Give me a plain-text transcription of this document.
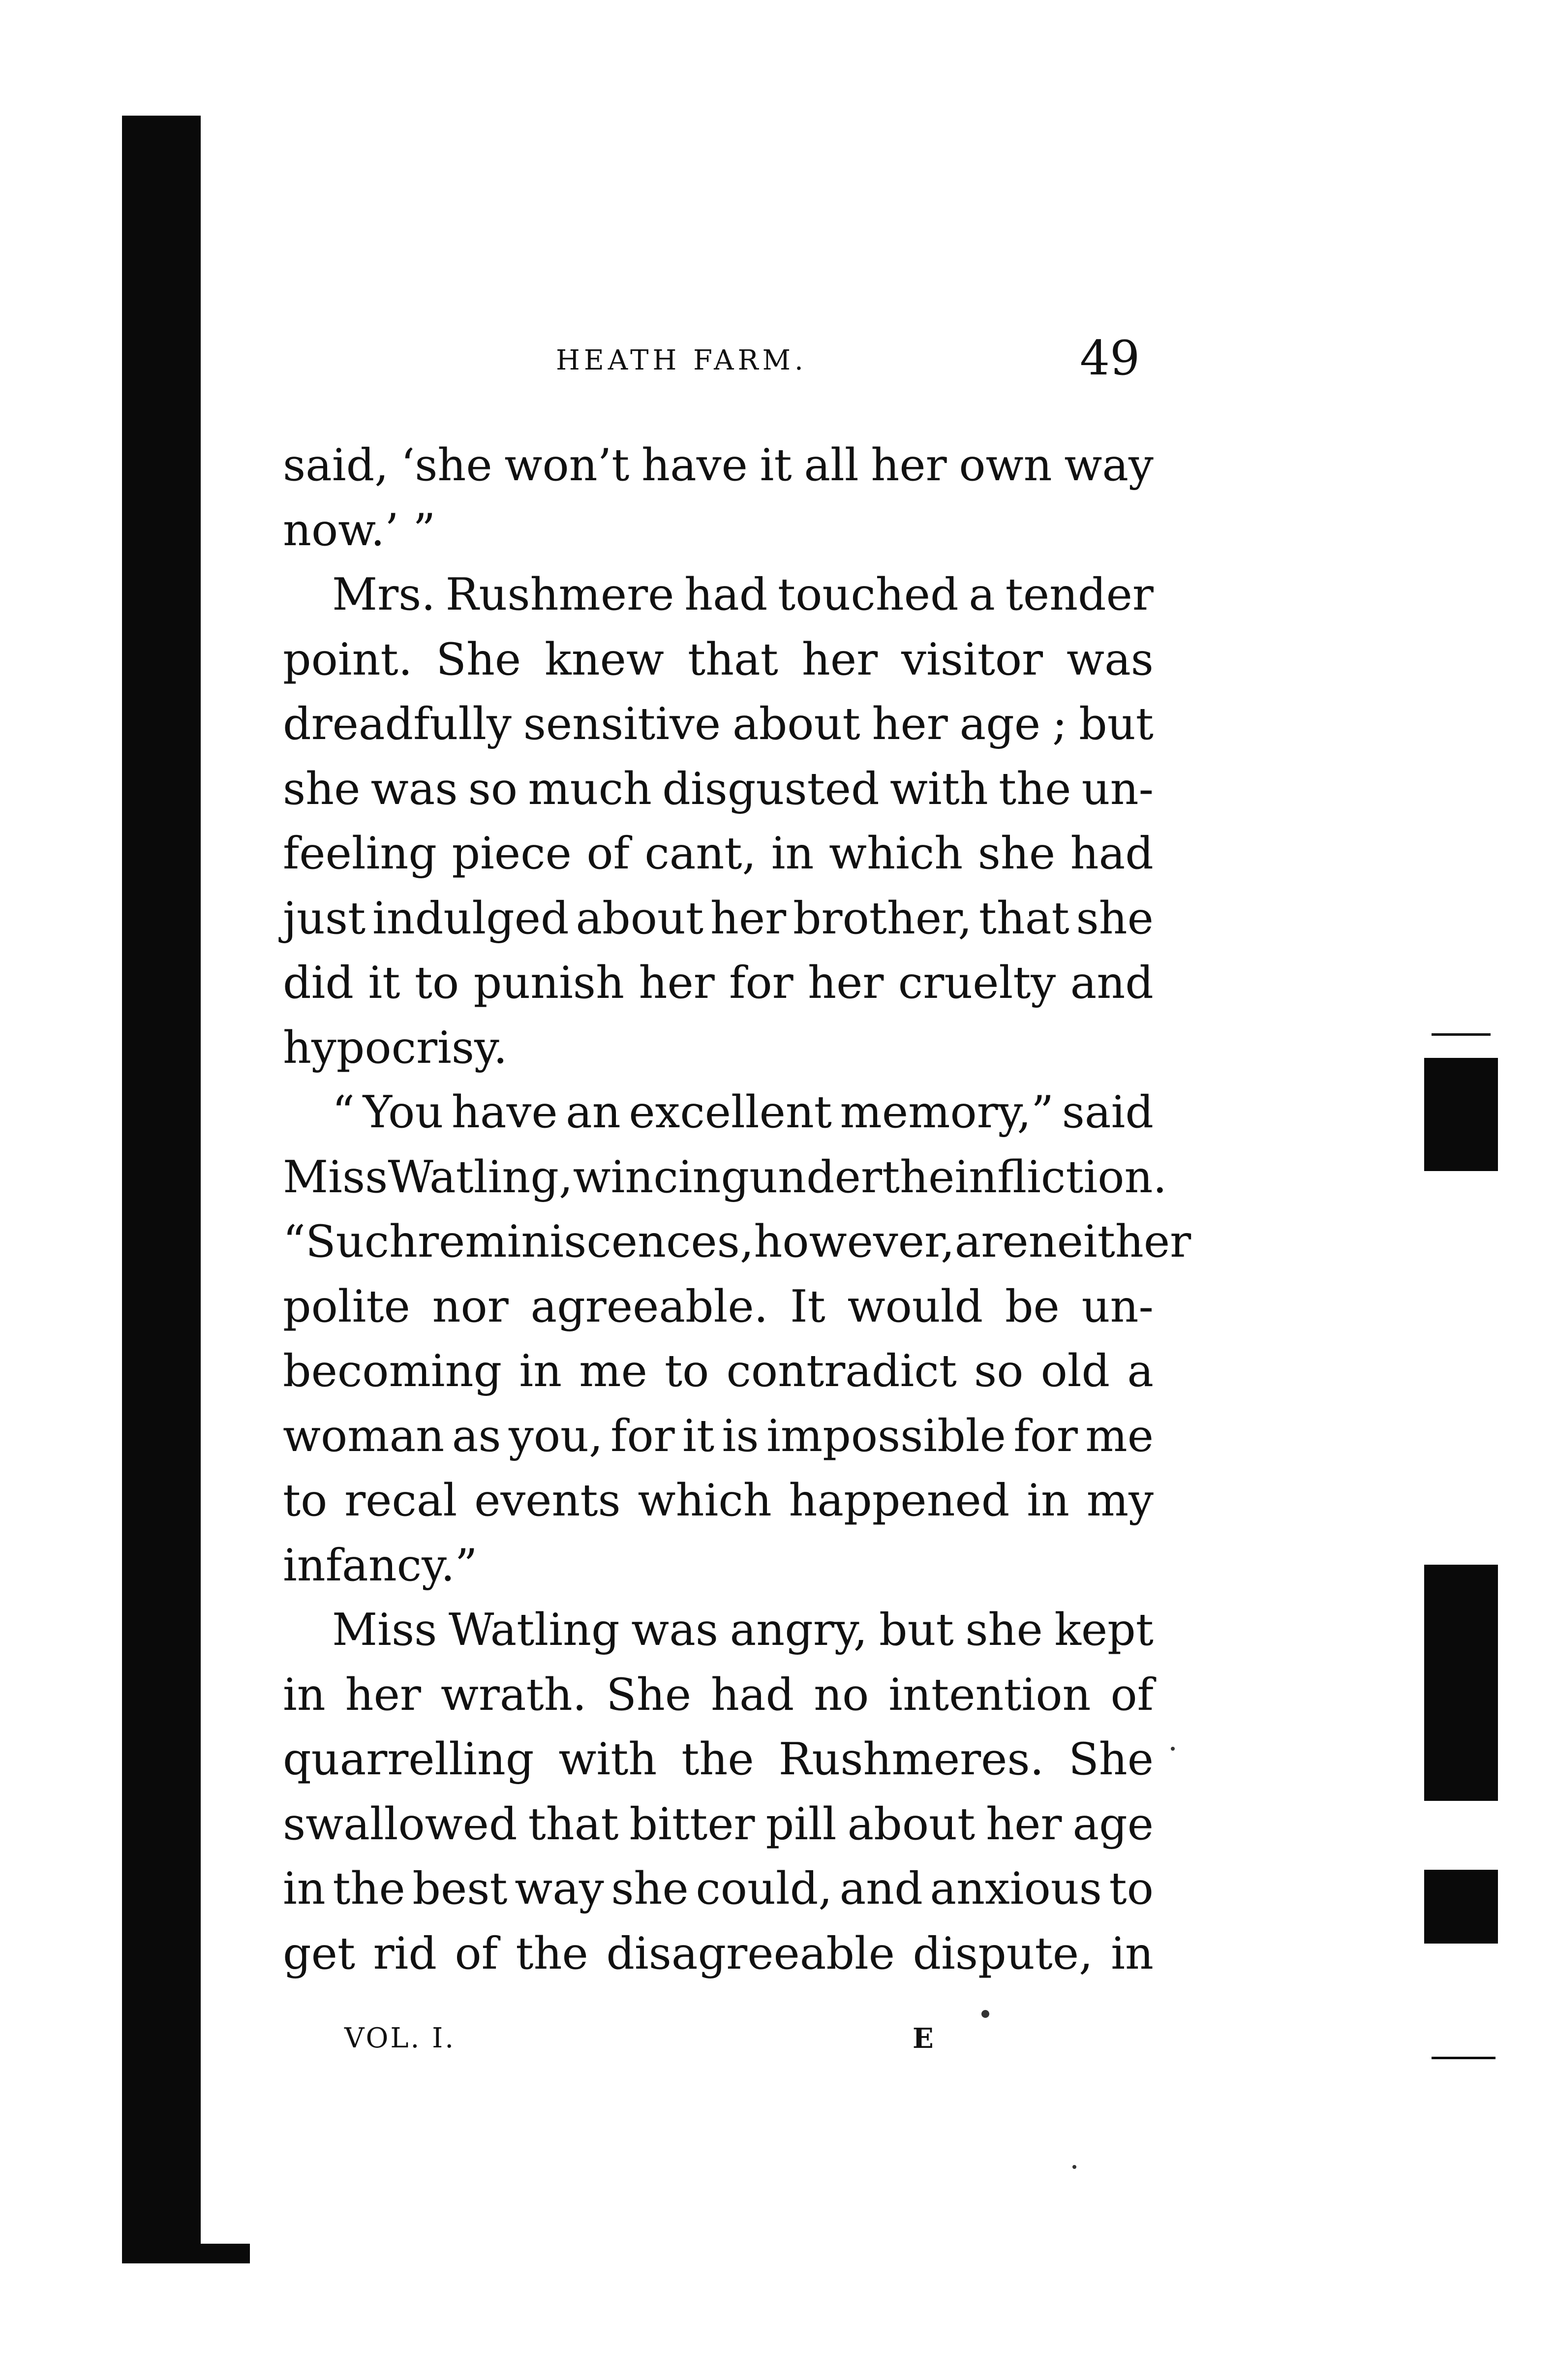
HEATH FARM.	49
said, ‘she won’t have it all her own way
now.’ ”
Mrs. Rushmere had touched a tender
point. She knew that her visitor was
dreadfully sensitive about her age ; but
she was so much disgusted with the un-
feeling piece of cant, in which she had
just indulged about her brother, that she
did it to punish her for her cruelty and
hypocrisy.
“ You have an excellent memory,” said
Miss Watling, wincing under the infliction.
“ Such reminiscences, however, are neither
polite nor agreeable. It would be un-
becoming in me to contradict so old a
woman as you, for it is impossible for me
to recal events which happened in my
infancy.”
Miss Watling was angry, but she kept
in her wrath. She had no intention of
quarrelling with the Rushmeres. She
swallowed that bitter pill about her age
in the best way she could, and anxious to
get rid of the disagreeable dispute, in
VOL. I.	E
